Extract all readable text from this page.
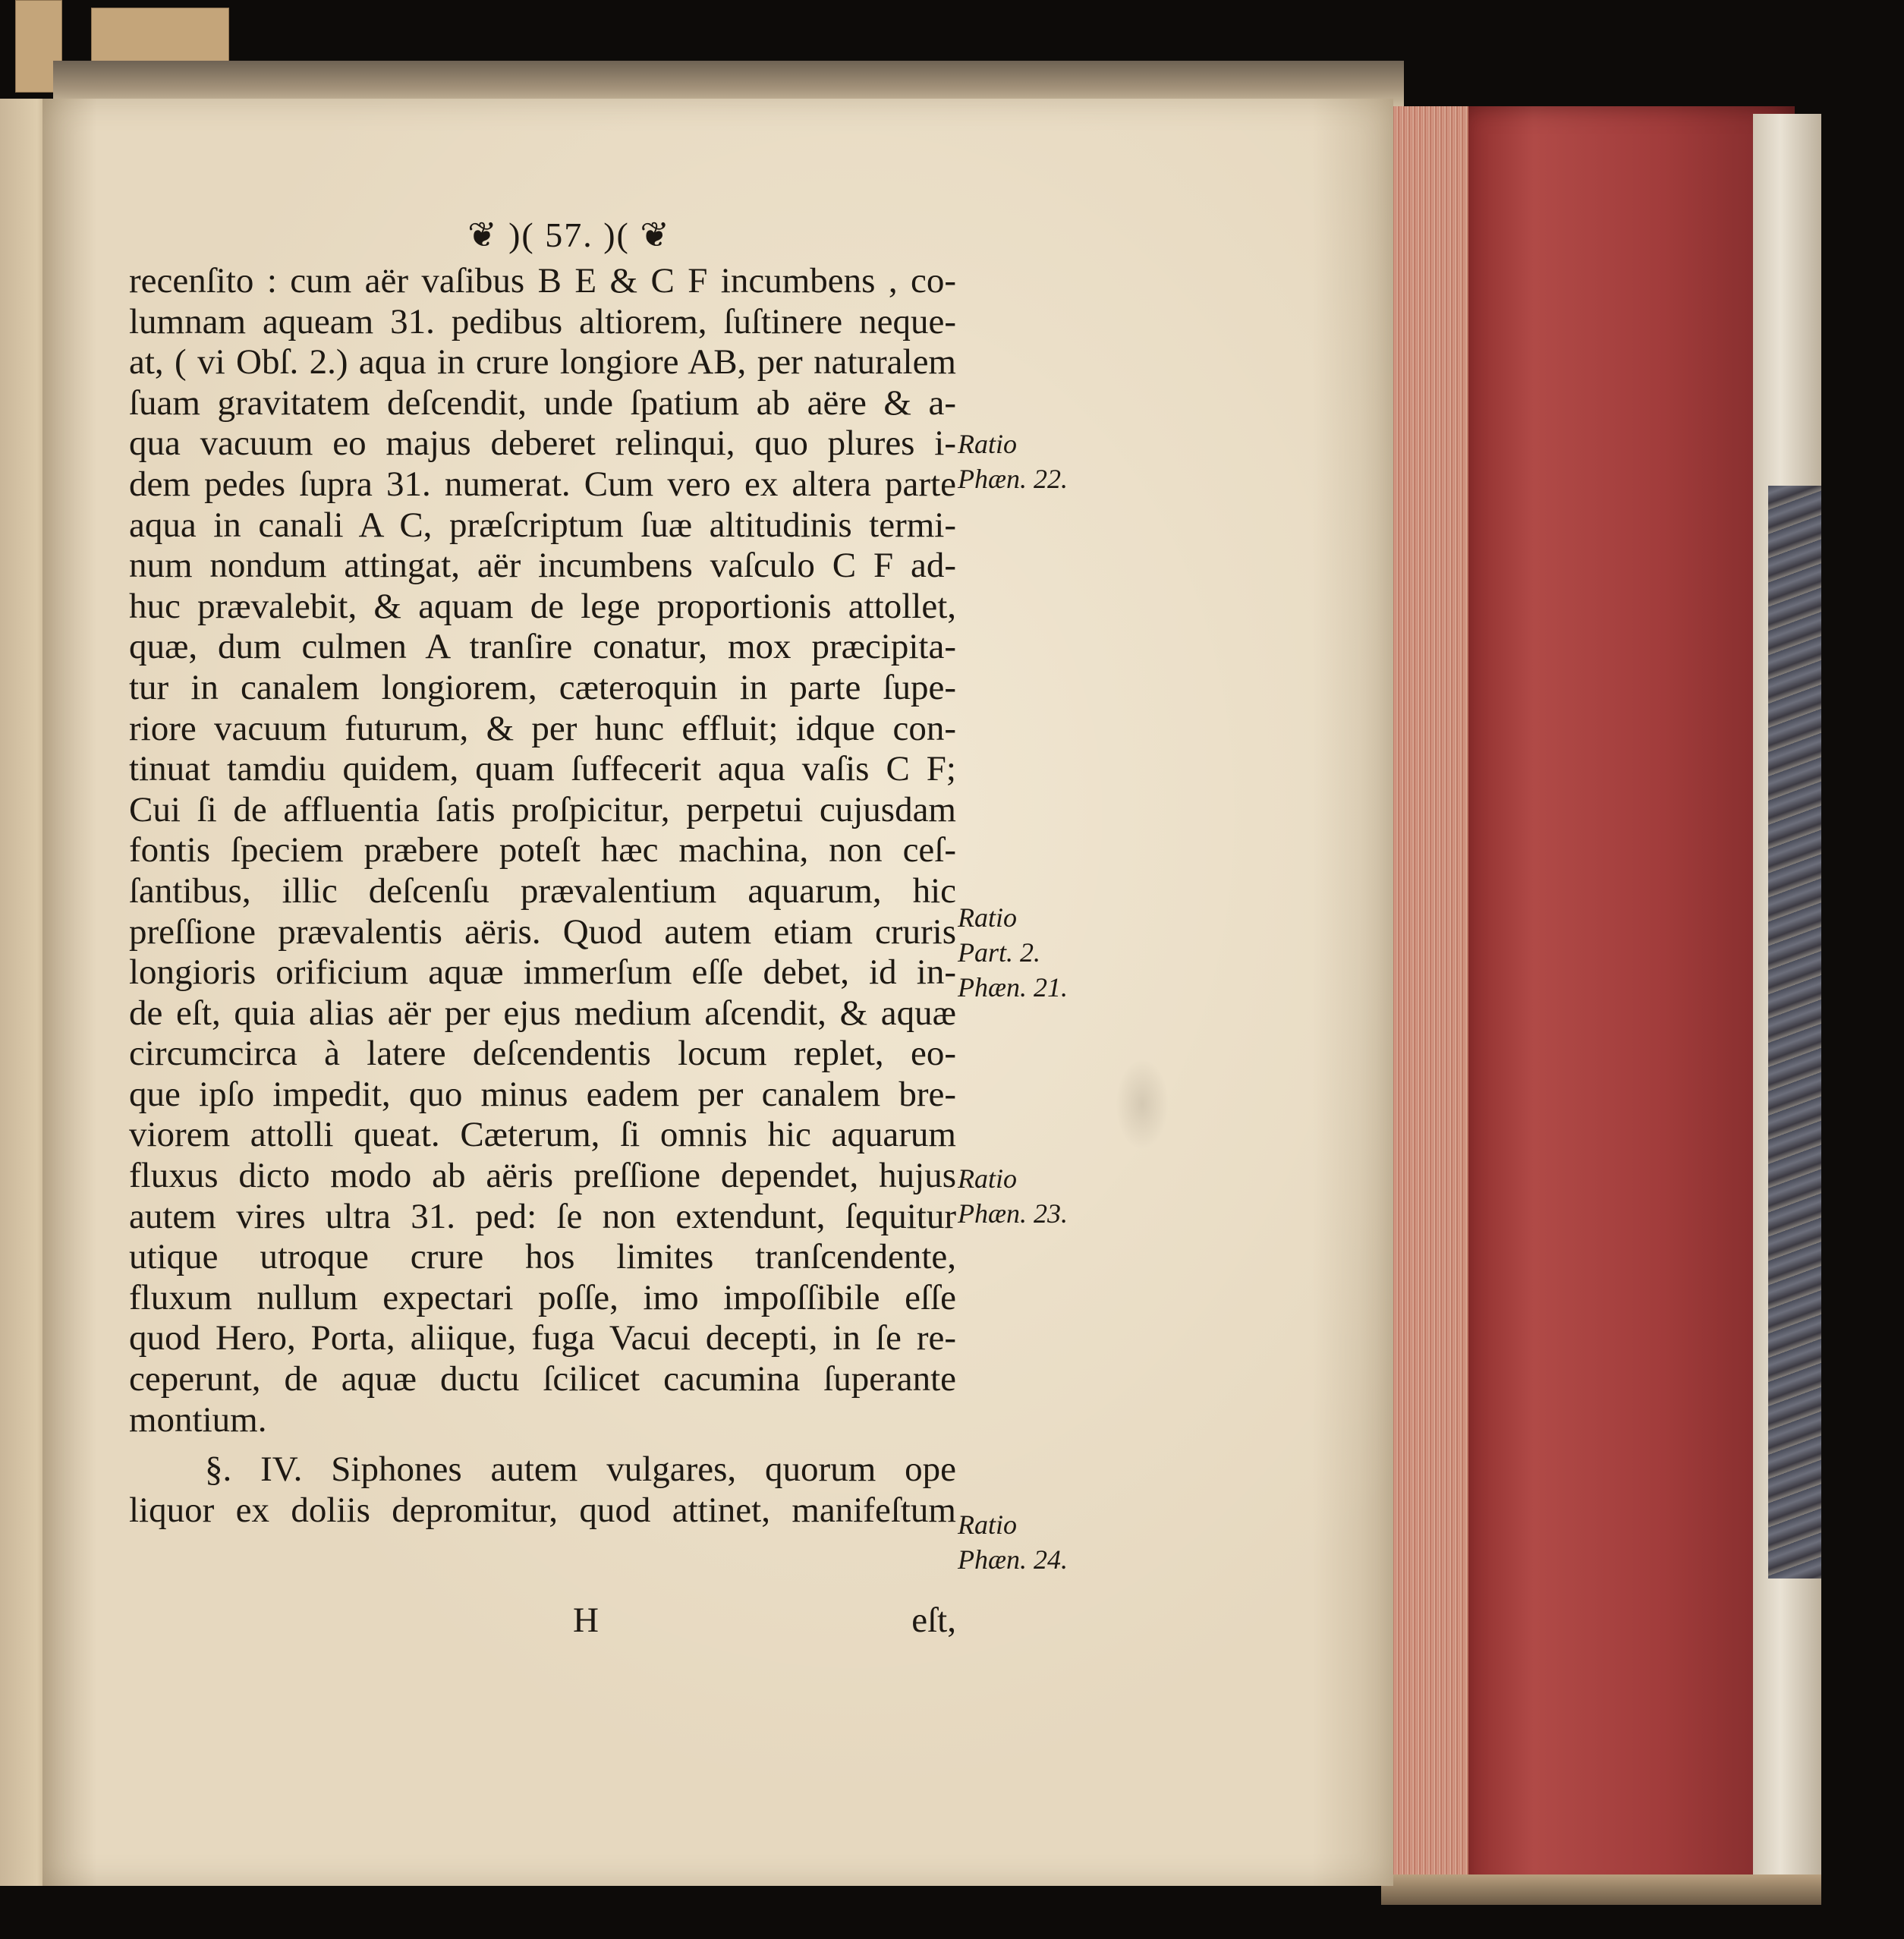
❦ )( 57. )( ❦
recenſito : cum aër vaſibus B E & C F incumbens , co-
lumnam aqueam 31. pedibus altiorem, ſuſtinere neque-
at, ( vi Obſ. 2.) aqua in crure longiore AB, per naturalem
ſuam gravitatem deſcendit, unde ſpatium ab aëre & a-
qua vacuum eo majus deberet relinqui, quo plures i-
dem pedes ſupra 31. numerat. Cum vero ex altera parte
aqua in canali A C, præſcriptum ſuæ altitudinis termi-
num nondum attingat, aër incumbens vaſculo C F ad-
huc prævalebit, & aquam de lege proportionis attollet,
quæ, dum culmen A tranſire conatur, mox præcipita-
tur in canalem longiorem, cæteroquin in parte ſupe-
riore vacuum futurum, & per hunc effluit; idque con-
tinuat tamdiu quidem, quam ſuffecerit aqua vaſis C F;
Cui ſi de affluentia ſatis proſpicitur, perpetui cujusdam
fontis ſpeciem præbere poteſt hæc machina, non ceſ-
ſantibus, illic deſcenſu prævalentium aquarum, hic
preſſione prævalentis aëris. Quod autem etiam cruris
longioris orificium aquæ immerſum eſſe debet, id in-
de eſt, quia alias aër per ejus medium aſcendit, & aquæ
circumcirca à latere deſcendentis locum replet, eo-
que ipſo impedit, quo minus eadem per canalem bre-
viorem attolli queat. Cæterum, ſi omnis hic aquarum
fluxus dicto modo ab aëris preſſione dependet, hujus
autem vires ultra 31. ped: ſe non extendunt, ſequitur
utique utroque crure hos limites tranſcendente,
fluxum nullum expectari poſſe, imo impoſſibile eſſe
quod Hero, Porta, aliique, fuga Vacui decepti, in ſe re-
ceperunt, de aquæ ductu ſcilicet cacumina ſuperante
montium.
§. IV. Siphones autem vulgares, quorum ope
liquor ex doliis depromitur, quod attinet, manifeſtum
Ratio
Phæn. 22.
Ratio
Part. 2.
Phæn. 21.
Ratio
Phæn. 23.
Ratio
Phæn. 24.
H	eſt,
